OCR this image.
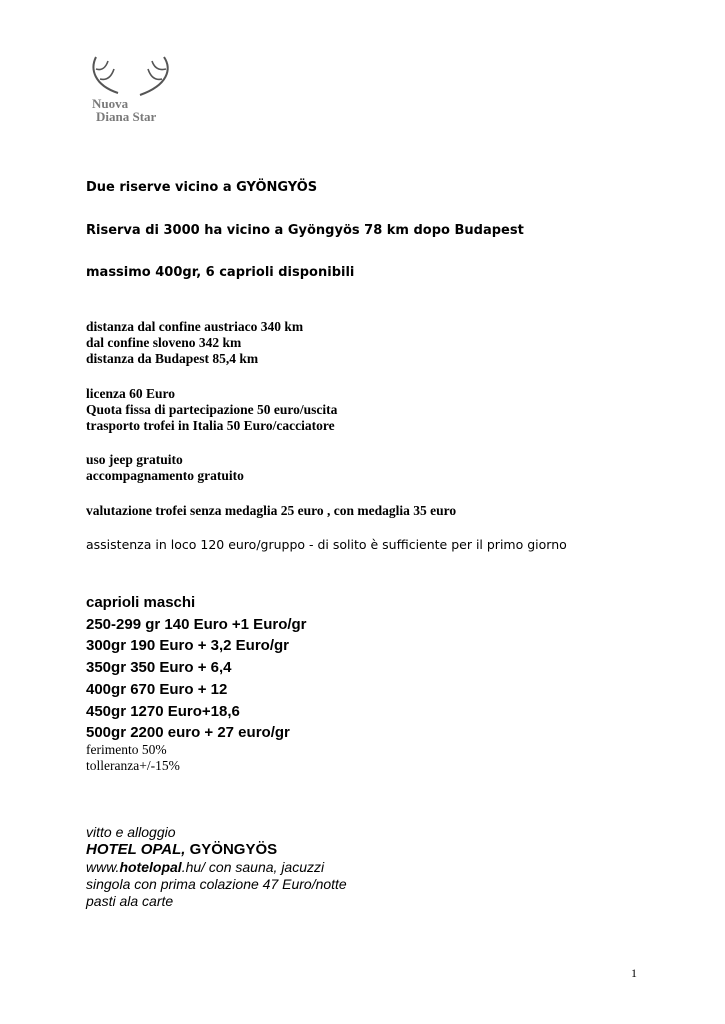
Nuova
Diana Star
Due riserve vicino a GYÖNGYÖS
Riserva di 3000 ha vicino a Gyöngyös 78 km dopo Budapest
massimo 400gr, 6 caprioli disponibili
distanza dal confine austriaco 340 km
dal confine sloveno 342 km
distanza da Budapest 85,4 km
licenza 60 Euro
Quota fissa di partecipazione 50 euro/uscita
trasporto trofei in Italia 50 Euro/cacciatore
uso jeep gratuito
accompagnamento gratuito
valutazione trofei senza medaglia 25 euro , con medaglia 35 euro
assistenza in loco 120 euro/gruppo - di solito è sufficiente per il primo giorno
caprioli maschi
250-299 gr 140 Euro +1 Euro/gr
300gr 190 Euro + 3,2 Euro/gr
350gr 350 Euro + 6,4
400gr 670 Euro + 12
450gr 1270 Euro+18,6
500gr 2200 euro + 27 euro/gr
ferimento 50%
tolleranza+/-15%
vitto e alloggio
HOTEL OPAL, GYÖNGYÖS
www.hotelopal.hu/ con sauna, jacuzzi
singola con prima colazione 47 Euro/notte
pasti ala carte
1
